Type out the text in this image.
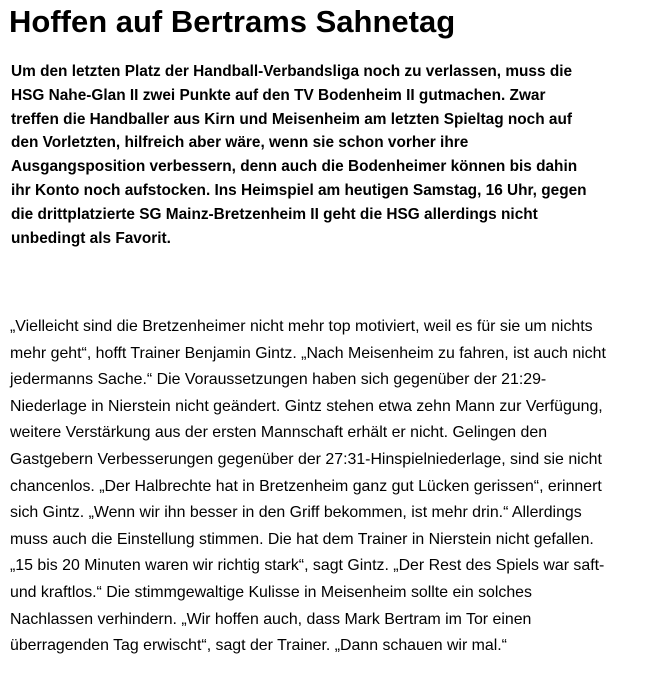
Hoffen auf Bertrams Sahnetag

Um den letzten Platz der Handball-Verbandsliga noch zu verlassen, muss die
HSG Nahe-Glan II zwei Punkte auf den TV Bodenheim II gutmachen. Zwar
treffen die Handballer aus Kirn und Meisenheim am letzten Spieltag noch auf
den Vorletzten, hilfreich aber wäre, wenn sie schon vorher ihre
Ausgangsposition verbessern, denn auch die Bodenheimer können bis dahin
ihr Konto noch aufstocken. Ins Heimspiel am heutigen Samstag, 16 Uhr, gegen
die drittplatzierte SG Mainz-Bretzenheim II geht die HSG allerdings nicht
unbedingt als Favorit.

„Vielleicht sind die Bretzenheimer nicht mehr top motiviert, weil es für sie um nichts
mehr geht“, hofft Trainer Benjamin Gintz. „Nach Meisenheim zu fahren, ist auch nicht
jedermanns Sache.“ Die Voraussetzungen haben sich gegenüber der 21:29-
Niederlage in Nierstein nicht geändert. Gintz stehen etwa zehn Mann zur Verfügung,
weitere Verstärkung aus der ersten Mannschaft erhält er nicht. Gelingen den
Gastgebern Verbesserungen gegenüber der 27:31-Hinspielniederlage, sind sie nicht
chancenlos. „Der Halbrechte hat in Bretzenheim ganz gut Lücken gerissen“, erinnert
sich Gintz. „Wenn wir ihn besser in den Griff bekommen, ist mehr drin.“ Allerdings
muss auch die Einstellung stimmen. Die hat dem Trainer in Nierstein nicht gefallen.
„15 bis 20 Minuten waren wir richtig stark“, sagt Gintz. „Der Rest des Spiels war saft-
und kraftlos.“ Die stimmgewaltige Kulisse in Meisenheim sollte ein solches
Nachlassen verhindern. „Wir hoffen auch, dass Mark Bertram im Tor einen
überragenden Tag erwischt“, sagt der Trainer. „Dann schauen wir mal.“
